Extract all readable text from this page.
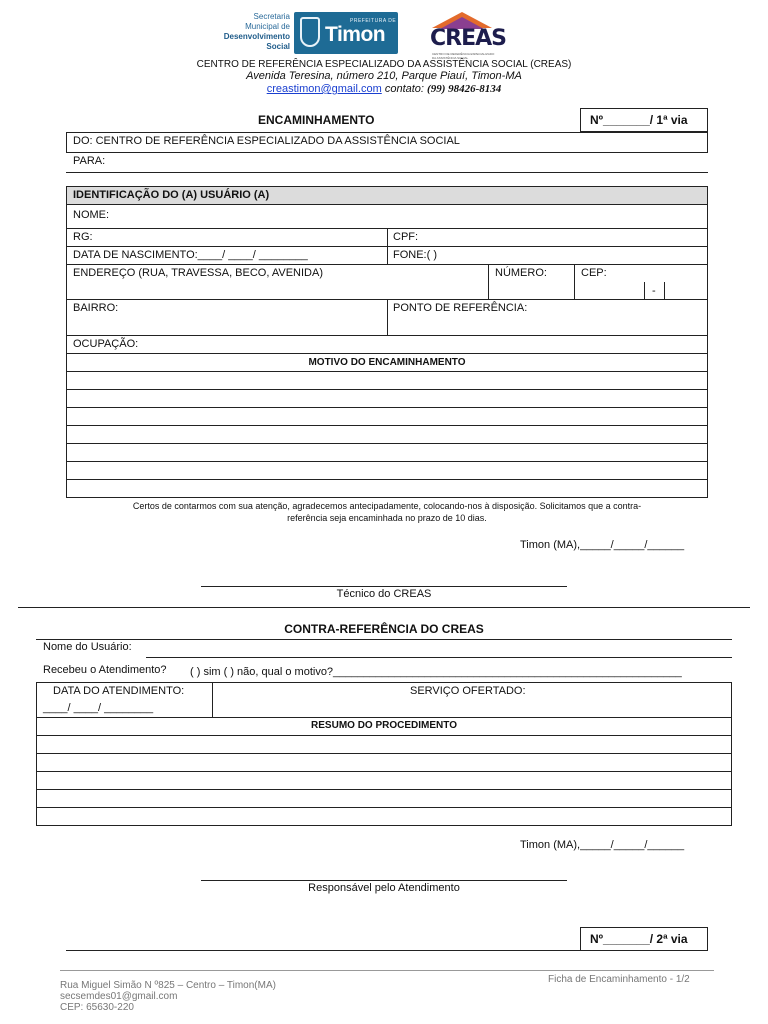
Secretaria
Municipal de
Desenvolvimento
Social
PREFEITURA DE
Timon CREAS
CENTRO DE REFERÊNCIA ESPECIALIZADO DA ASSISTÊNCIA SOCIAL
CENTRO DE REFERÊNCIA ESPECIALIZADO DA ASSISTÊNCIA SOCIAL (CREAS)
Avenida Teresina, número 210, Parque Piauí, Timon-MA
creastimon@gmail.com contato: (99) 98426-8134
ENCAMINHAMENTO	Nº_______/ 1ª via
DO: CENTRO DE REFERÊNCIA ESPECIALIZADO DA ASSISTÊNCIA SOCIAL
PARA:
IDENTIFICAÇÃO DO (A) USUÁRIO (A)
NOME:
RG:	CPF:
DATA DE NASCIMENTO:____/ ____/ ________	FONE:( )
ENDEREÇO (RUA, TRAVESSA, BECO, AVENIDA)	NÚMERO:	CEP:
-
BAIRRO:	PONTO DE REFERÊNCIA:
OCUPAÇÃO:
MOTIVO DO ENCAMINHAMENTO
Certos de contarmos com sua atenção, agradecemos antecipadamente, colocando-nos à disposição. Solicitamos que a contra-
referência seja encaminhada no prazo de 10 dias.
Timon (MA),_____/_____/______
Técnico do CREAS
CONTRA-REFERÊNCIA DO CREAS
Nome do Usuário:
Recebeu o Atendimento? ( ) sim ( ) não, qual o motivo?_________________________________________________________
DATA DO ATENDIMENTO:
____/ ____/ ________
SERVIÇO OFERTADO:
RESUMO DO PROCEDIMENTO
Timon (MA),_____/_____/______
Responsável pelo Atendimento
Nº_______/ 2ª via
Rua Miguel Simão N º825 – Centro – Timon(MA)
secsemdes01@gmail.com
CEP: 65630-220
Ficha de Encaminhamento - 1/2
